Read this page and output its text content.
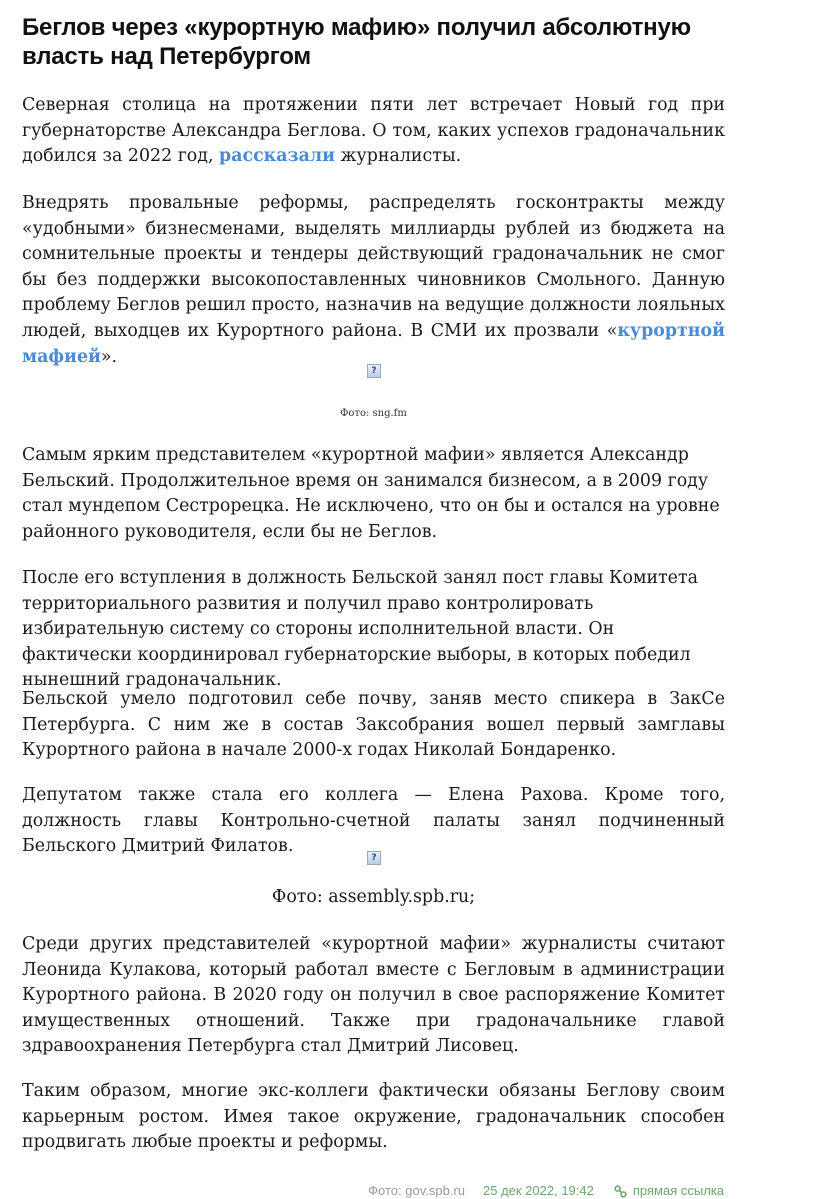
Беглов через «курортную мафию» получил абсолютную власть над Петербургом

Северная столица на протяжении пяти лет встречает Новый год при губернаторстве Александра Беглова. О том, каких успехов градоначальник добился за 2022 год, рассказали журналисты.

Внедрять провальные реформы, распределять госконтракты между «удобными» бизнесменами, выделять миллиарды рублей из бюджета на сомнительные проекты и тендеры действующий градоначальник не смог бы без поддержки высокопоставленных чиновников Смольного. Данную проблему Беглов решил просто, назначив на ведущие должности лояльных людей, выходцев их Курортного района. В СМИ их прозвали «курортной мафией».

?
Фото: sng.fm

Самым ярким представителем «курортной мафии» является Александр Бельский. Продолжительное время он занимался бизнесом, а в 2009 году стал мундепом Сестрорецка. Не исключено, что он бы и остался на уровне районного руководителя, если бы не Беглов.

После его вступления в должность Бельской занял пост главы Комитета территориального развития и получил право контролировать избирательную систему со стороны исполнительной власти. Он фактически координировал губернаторские выборы, в которых победил нынешний градоначальник.

Бельской умело подготовил себе почву, заняв место спикера в ЗакСе Петербурга. С ним же в состав Заксобрания вошел первый замглавы Курортного района в начале 2000-х годах Николай Бондаренко.

Депутатом также стала его коллега — Елена Рахова. Кроме того, должность главы Контрольно-счетной палаты занял подчиненный Бельского Дмитрий Филатов.

?
Фото: assembly.spb.ru;

Среди других представителей «курортной мафии» журналисты считают Леонида Кулакова, который работал вместе с Бегловым в администрации Курортного района. В 2020 году он получил в свое распоряжение Комитет имущественных отношений. Также при градоначальнике главой здравоохранения Петербурга стал Дмитрий Лисовец.

Таким образом, многие экс-коллеги фактически обязаны Беглову своим карьерным ростом. Имея такое окружение, градоначальник способен продвигать любые проекты и реформы.

Фото: gov.spb.ru 25 дек 2022, 19:42	прямая ссылка
